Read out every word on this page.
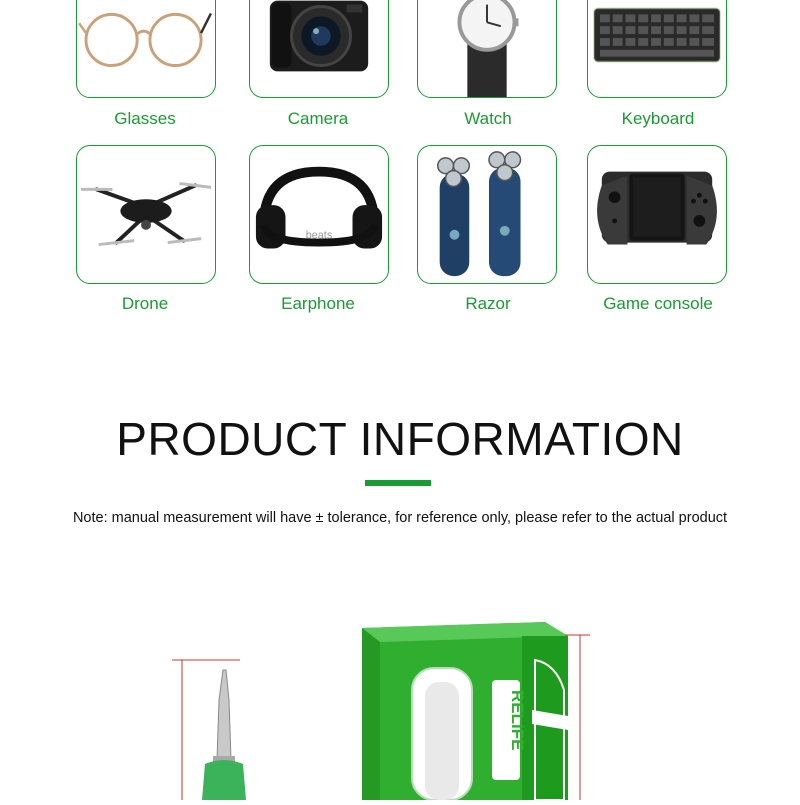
Glasses	Camera	Watch	Keyboard
Drone
beats
Earphone	Razor	Game console
PRODUCT INFORMATION
Note: manual measurement will have ± tolerance, for reference only, please refer to the actual product
RELIFE
